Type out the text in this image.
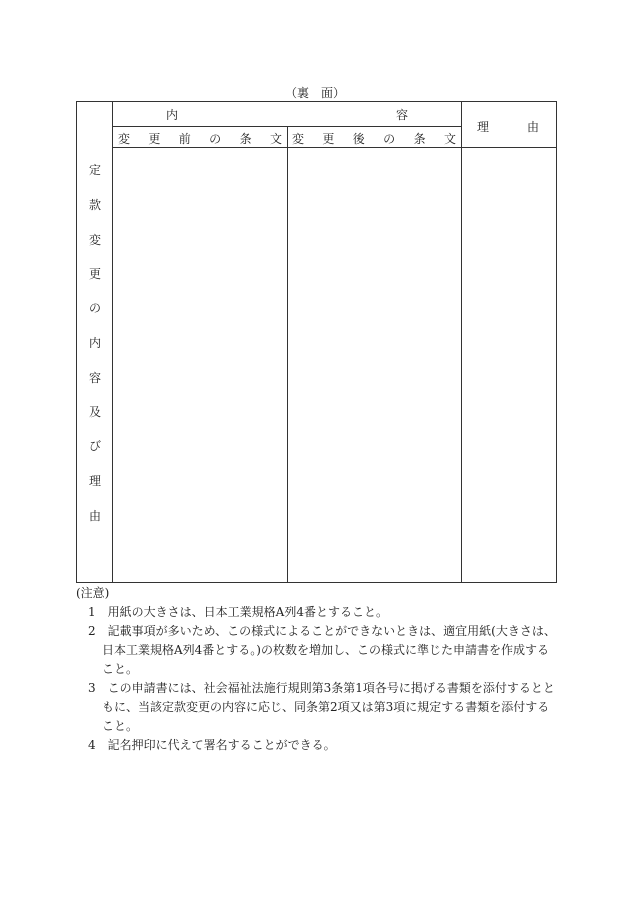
（裏　面）
定
款
変
更
の
内
容
及
び
理
由
内	容
変 更 前 の 条 文 変 更 後 の 条 文
理	由

(注意)

1　 用紙の大きさは、日本工業規格A列4番とすること。

2　 記載事項が多いため、この様式によることができないときは、適宜用紙(大きさは、日本工業規格A列4番とする。)の枚数を増加し、この様式に準じた申請書を作成すること。

3　 この申請書には、社会福祉法施行規則第3条第1項各号に掲げる書類を添付するとともに、当該定款変更の内容に応じ、同条第2項又は第3項に規定する書類を添付すること。

4　 記名押印に代えて署名することができる。
